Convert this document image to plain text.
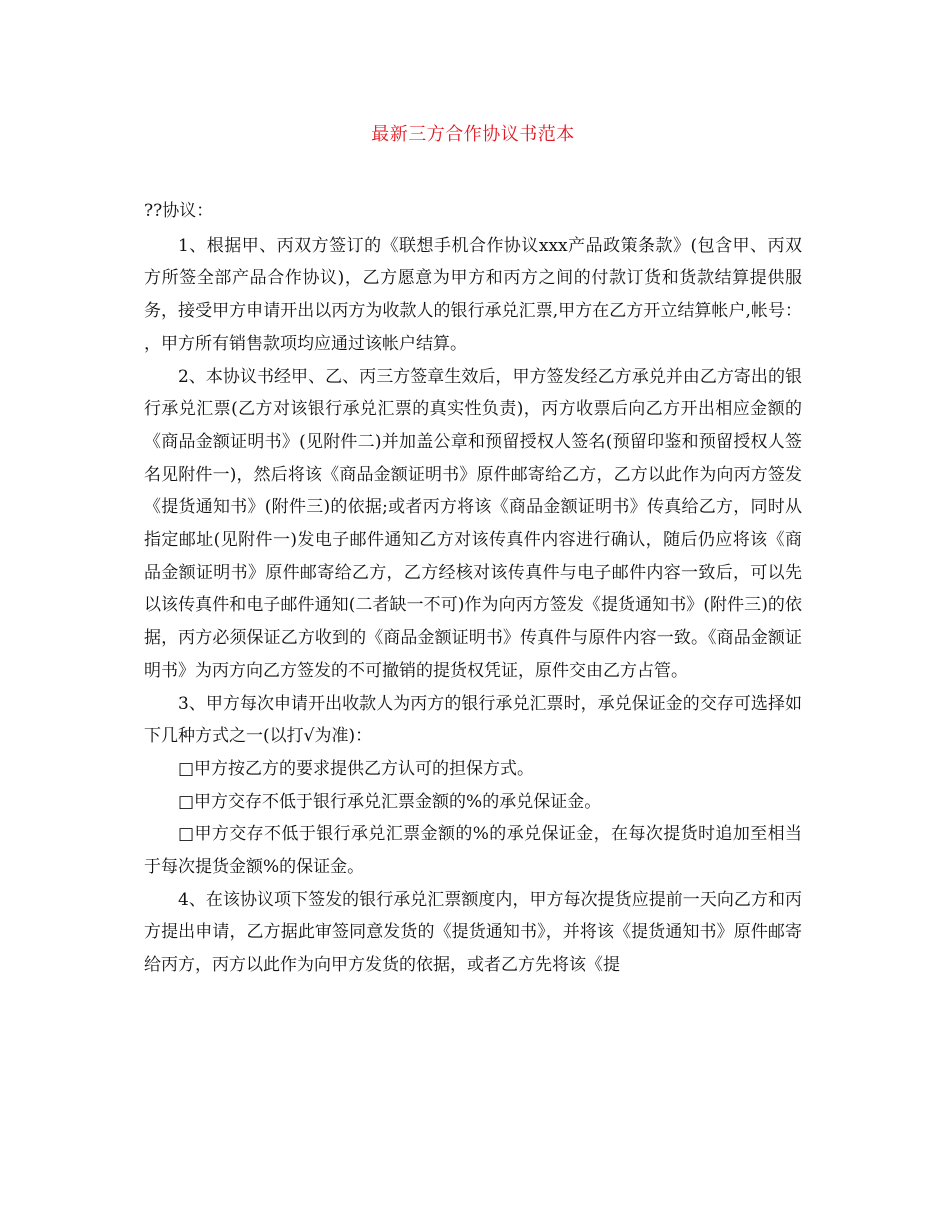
最新三方合作协议书范本

??协议：

1、根据甲、丙双方签订的《联想手机合作协议xxx产品政策条款》(包含甲、丙双方所签全部产品合作协议)，乙方愿意为甲方和丙方之间的付款订货和货款结算提供服务，接受甲方申请开出以丙方为收款人的银行承兑汇票,甲方在乙方开立结算帐户,帐号： ，甲方所有销售款项均应通过该帐户结算。

2、本协议书经甲、乙、丙三方签章生效后，甲方签发经乙方承兑并由乙方寄出的银行承兑汇票(乙方对该银行承兑汇票的真实性负责)，丙方收票后向乙方开出相应金额的《商品金额证明书》(见附件二)并加盖公章和预留授权人签名(预留印鉴和预留授权人签名见附件一)，然后将该《商品金额证明书》原件邮寄给乙方，乙方以此作为向丙方签发《提货通知书》(附件三)的依据;或者丙方将该《商品金额证明书》传真给乙方，同时从指定邮址(见附件一)发电子邮件通知乙方对该传真件内容进行确认，随后仍应将该《商品金额证明书》原件邮寄给乙方，乙方经核对该传真件与电子邮件内容一致后，可以先以该传真件和电子邮件通知(二者缺一不可)作为向丙方签发《提货通知书》(附件三)的依据，丙方必须保证乙方收到的《商品金额证明书》传真件与原件内容一致。《商品金额证明书》为丙方向乙方签发的不可撤销的提货权凭证，原件交由乙方占管。

3、甲方每次申请开出收款人为丙方的银行承兑汇票时，承兑保证金的交存可选择如下几种方式之一(以打√为准)：

□甲方按乙方的要求提供乙方认可的担保方式。

□甲方交存不低于银行承兑汇票金额的%的承兑保证金。

□甲方交存不低于银行承兑汇票金额的%的承兑保证金，在每次提货时追加至相当于每次提货金额%的保证金。

4、在该协议项下签发的银行承兑汇票额度内，甲方每次提货应提前一天向乙方和丙方提出申请，乙方据此审签同意发货的《提货通知书》，并将该《提货通知书》原件邮寄给丙方，丙方以此作为向甲方发货的依据，或者乙方先将该《提
